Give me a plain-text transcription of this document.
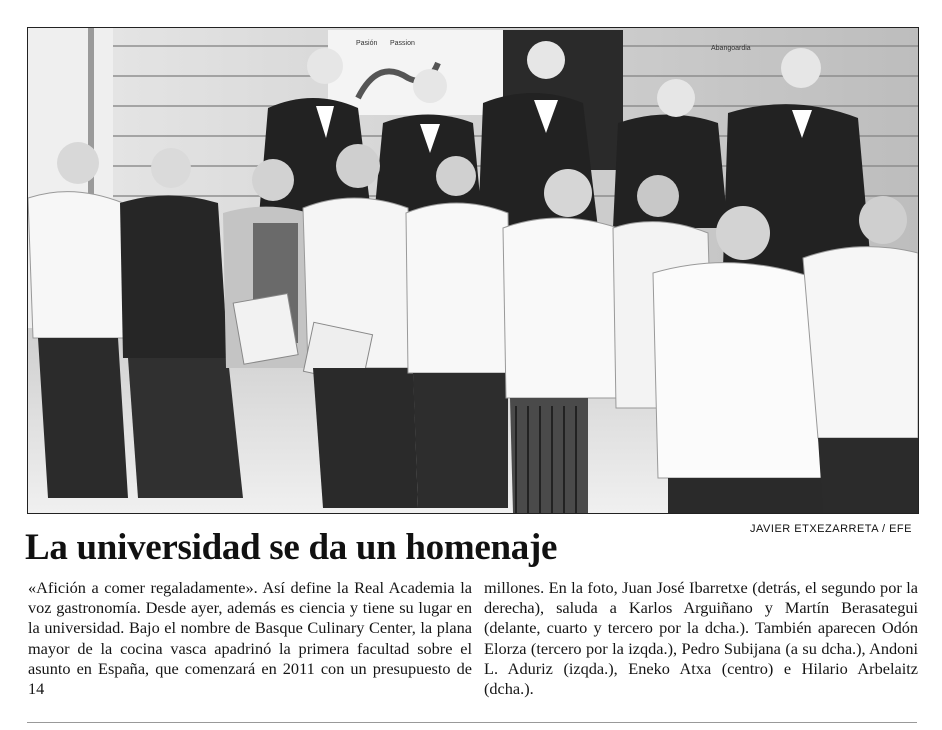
Pasión Passion
Abangoardia
JAVIER ETXEZARRETA / EFE
La universidad se da un homenaje
«Afición a comer regaladamente». Así define la Real Academia la voz gastronomía. Desde ayer, además es ciencia y tiene su lugar en la universidad. Bajo el nombre de Basque Culinary Center, la plana mayor de la cocina vasca apadrinó la primera facultad sobre el asunto en España, que comenzará en 2011 con un presupuesto de 14
millones. En la foto, Juan José Ibarretxe (detrás, el segundo por la derecha), saluda a Karlos Arguiñano y Martín Berasategui (delante, cuarto y tercero por la dcha.). También aparecen Odón Elorza (tercero por la izqda.), Pedro Subijana (a su dcha.), Andoni L. Aduriz (izqda.), Eneko Atxa (centro) e Hilario Arbelaitz (dcha.).
